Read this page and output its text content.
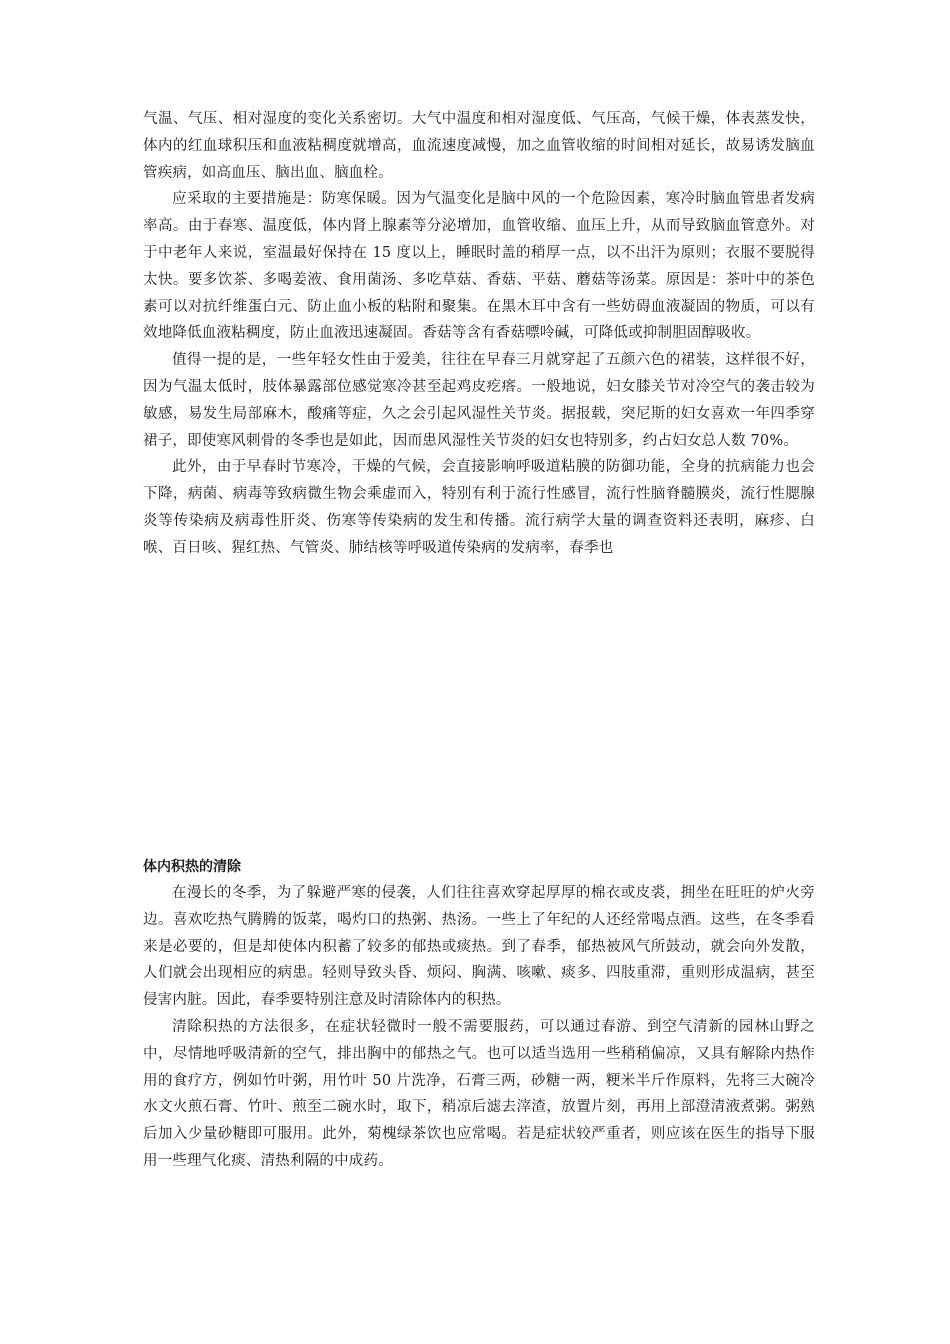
气温、气压、相对湿度的变化关系密切。大气中温度和相对湿度低、气压高，气候干燥，体表蒸发快，体内的红血球积压和血液粘稠度就增高，血流速度减慢，加之血管收缩的时间相对延长，故易诱发脑血管疾病，如高血压、脑出血、脑血栓。

应采取的主要措施是：防寒保暖。因为气温变化是脑中风的一个危险因素，寒冷时脑血管患者发病率高。由于春寒、温度低，体内肾上腺素等分泌增加，血管收缩、血压上升，从而导致脑血管意外。对于中老年人来说，室温最好保持在 15 度以上，睡眠时盖的稍厚一点，以不出汗为原则；衣服不要脱得太快。要多饮茶、多喝姜液、食用菌汤、多吃草菇、香菇、平菇、蘑菇等汤菜。原因是：茶叶中的茶色素可以对抗纤维蛋白元、防止血小板的粘附和聚集。在黑木耳中含有一些妨碍血液凝固的物质，可以有效地降低血液粘稠度，防止血液迅速凝固。香菇等含有香菇嘌呤碱，可降低或抑制胆固醇吸收。

值得一提的是，一些年轻女性由于爱美，往往在早春三月就穿起了五颜六色的裙装，这样很不好，因为气温太低时，肢体暴露部位感觉寒冷甚至起鸡皮疙瘩。一般地说，妇女膝关节对冷空气的袭击较为敏感，易发生局部麻木，酸痛等症，久之会引起风湿性关节炎。据报载，突尼斯的妇女喜欢一年四季穿裙子，即使寒风刺骨的冬季也是如此，因而患风湿性关节炎的妇女也特别多，约占妇女总人数 70%。

此外，由于早春时节寒冷，干燥的气候，会直接影响呼吸道粘膜的防御功能，全身的抗病能力也会下降，病菌、病毒等致病微生物会乘虚而入，特别有利于流行性感冒，流行性脑脊髓膜炎，流行性腮腺炎等传染病及病毒性肝炎、伤寒等传染病的发生和传播。流行病学大量的调查资料还表明，麻疹、白喉、百日咳、猩红热、气管炎、肺结核等呼吸道传染病的发病率，春季也

体内积热的清除

在漫长的冬季，为了躲避严寒的侵袭，人们往往喜欢穿起厚厚的棉衣或皮裘，拥坐在旺旺的炉火旁边。喜欢吃热气腾腾的饭菜，喝灼口的热粥、热汤。一些上了年纪的人还经常喝点酒。这些，在冬季看来是必要的，但是却使体内积蓄了较多的郁热或痰热。到了春季，郁热被风气所鼓动，就会向外发散，人们就会出现相应的病患。轻则导致头昏、烦闷、胸满、咳嗽、痰多、四肢重滞，重则形成温病，甚至侵害内脏。因此，春季要特别注意及时清除体内的积热。

清除积热的方法很多，在症状轻微时一般不需要服药，可以通过春游、到空气清新的园林山野之中，尽情地呼吸清新的空气，排出胸中的郁热之气。也可以适当选用一些稍稍偏凉，又具有解除内热作用的食疗方，例如竹叶粥，用竹叶 50 片洗净，石膏三两，砂糖一两，粳米半斤作原料，先将三大碗冷水文火煎石膏、竹叶、煎至二碗水时，取下，稍凉后滤去滓渣，放置片刻，再用上部澄清液煮粥。粥熟后加入少量砂糖即可服用。此外，菊槐绿茶饮也应常喝。若是症状较严重者，则应该在医生的指导下服用一些理气化痰、清热利隔的中成药。
